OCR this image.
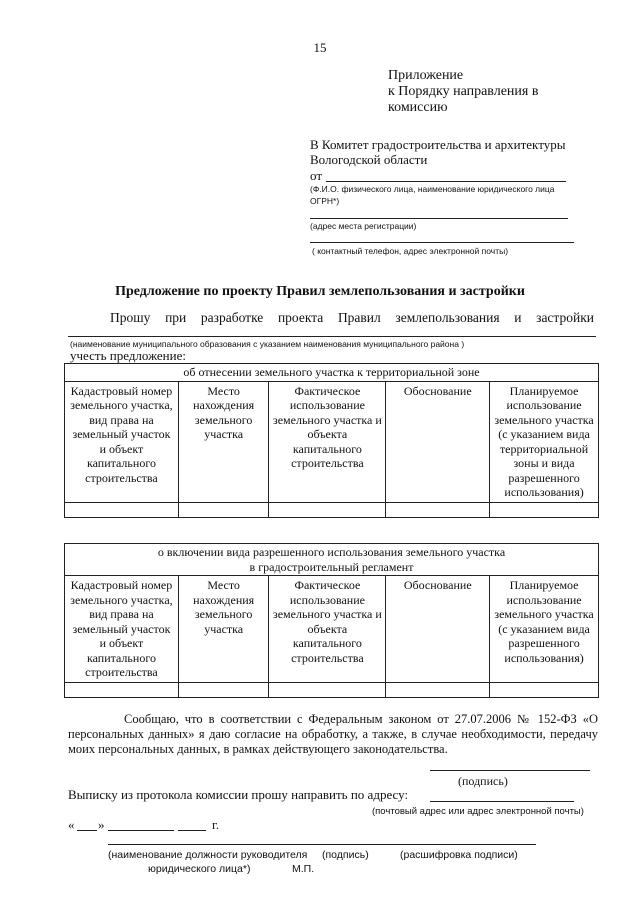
15
Приложение
к Порядку направления в
комиссию
В Комитет градостроительства и архитектуры
Вологодской области
от
(Ф.И.О. физического лица, наименование юридического лица
ОГРН*)
(адрес места регистрации)
( контактный телефон, адрес электронной почты)
Предложение по проекту Правил землепользования и застройки
Прошу при разработке проекта Правил землепользования и застройки
(наименование муниципального образования с указанием наименования муниципального района )
учесть предложение:
об отнесении земельного участка к территориальной зоне				
Кадастровый номер земельного участка, вид права на земельный участок и объект капитального строительства	Место нахождения земельного участка	Фактическое использование земельного участка и объекта капитального строительства	Обоснование	Планируемое использование земельного участка (с указанием вида территориальной зоны и вида разрешенного использования)

о включении вида разрешенного использования земельного участка
в градостроительный регламент				

Кадастровый номер земельного участка, вид права на земельный участок и объект капитального строительства	Место нахождения земельного участка	Фактическое использование земельного участка и объекта капитального строительства	Обоснование	Планируемое использование земельного участка (с указанием вида разрешенного использования)

Сообщаю, что в соответствии с Федеральным законом от 27.07.2006 № 152-ФЗ «О персональных данных» я даю согласие на обработку, а также, в случае необходимости, передачу моих персональных данных, в рамках действующего законодательства.
(подпись)
Выписку из протокола комиссии прошу направить по адресу:
(почтовый адрес или адрес электронной почты)
« »	г.
(наименование должности руководителя
юридического лица*)
(подпись)
М.П.
(расшифровка подписи)
